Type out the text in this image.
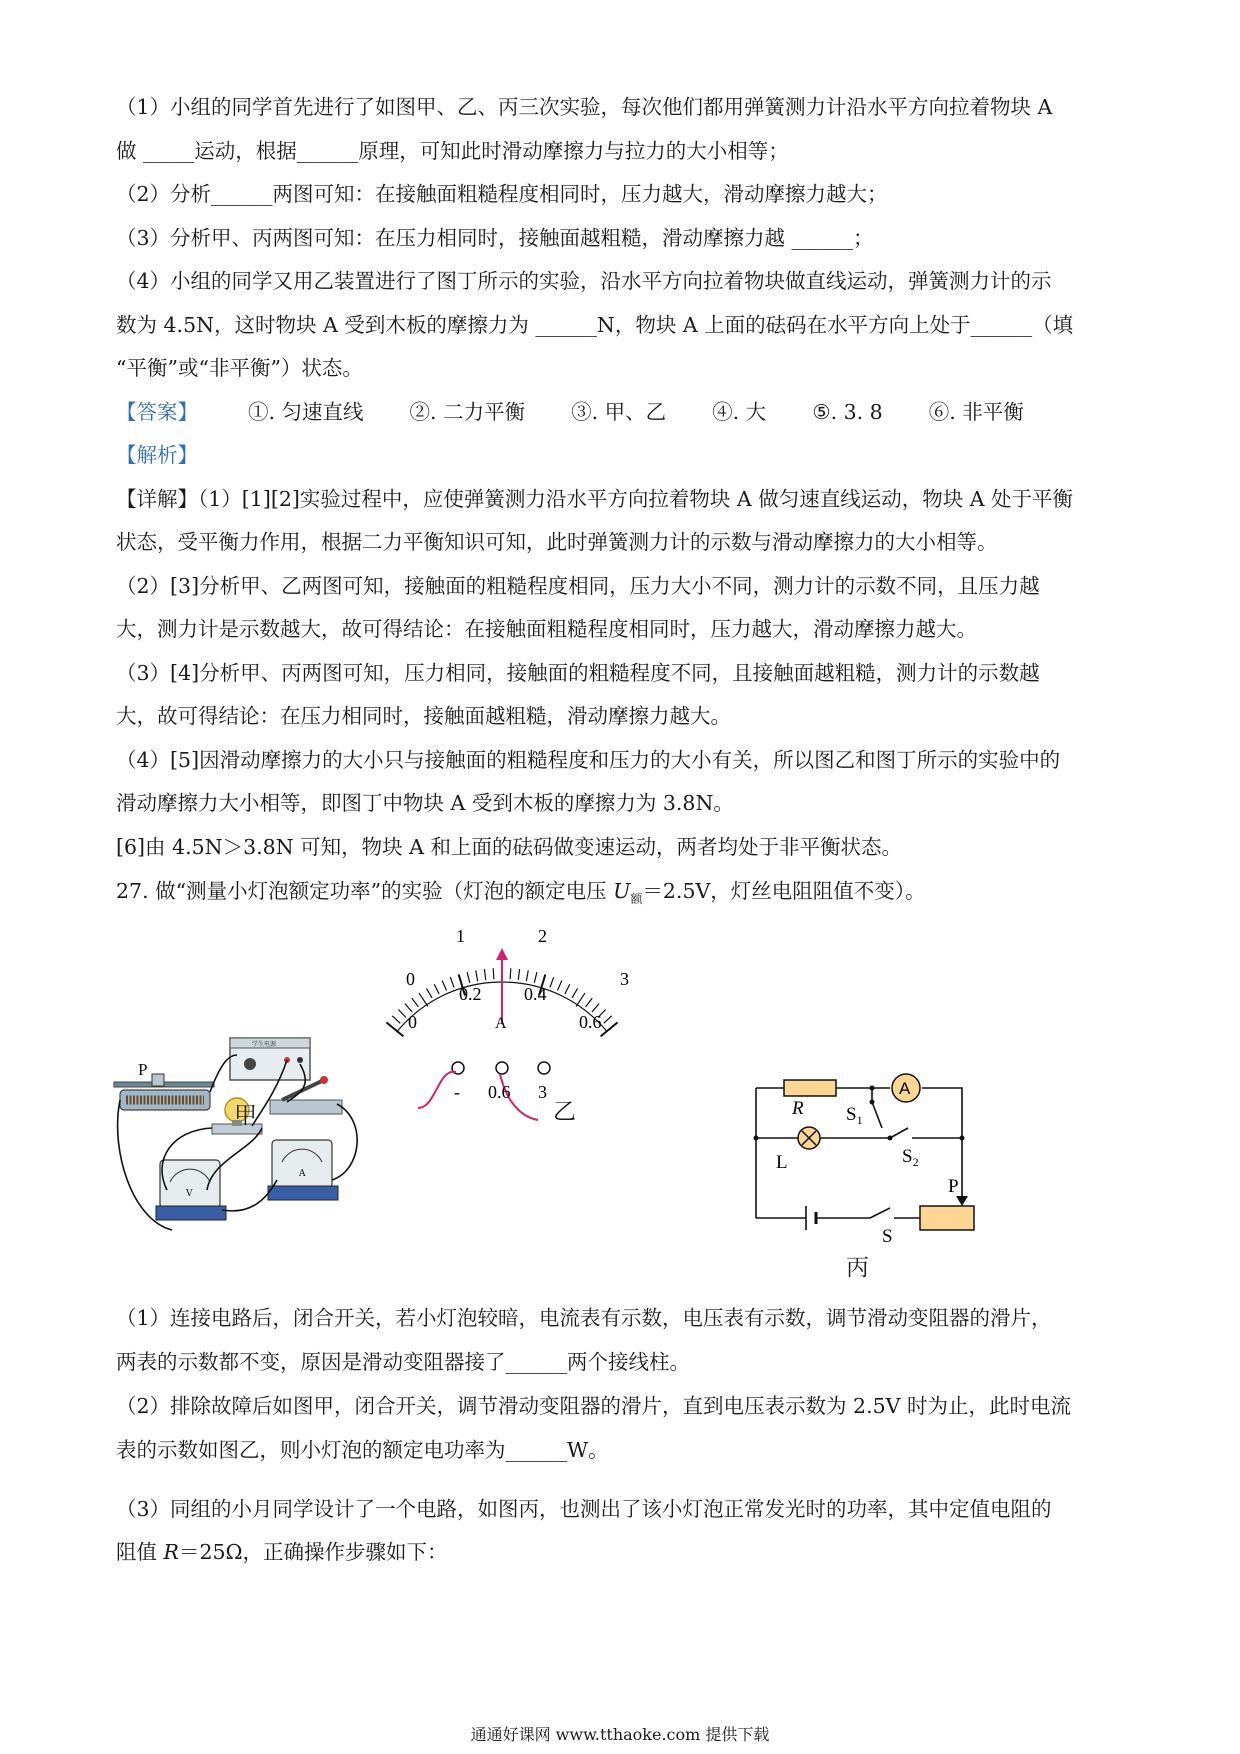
（1）小组的同学首先进行了如图甲、乙、丙三次实验，每次他们都用弹簧测力计沿水平方向拉着物块 A
做 _____运动，根据______原理，可知此时滑动摩擦力与拉力的大小相等；
（2）分析______两图可知：在接触面粗糙程度相同时，压力越大，滑动摩擦力越大；
（3）分析甲、丙两图可知：在压力相同时，接触面越粗糙，滑动摩擦力越 ______；
（4）小组的同学又用乙装置进行了图丁所示的实验，沿水平方向拉着物块做直线运动，弹簧测力计的示
数为 4.5N，这时物块 A 受到木板的摩擦力为 ______N，物块 A 上面的砝码在水平方向上处于______（填
“平衡”或“非平衡”）状态。
【答案】 ①. 匀速直线 ②. 二力平衡 ③. 甲、乙 ④. 大 ⑤. 3. 8 ⑥. 非平衡
【解析】
【详解】（1）[1][2]实验过程中，应使弹簧测力沿水平方向拉着物块 A 做匀速直线运动，物块 A 处于平衡
状态，受平衡力作用，根据二力平衡知识可知，此时弹簧测力计的示数与滑动摩擦力的大小相等。
（2）[3]分析甲、乙两图可知，接触面的粗糙程度相同，压力大小不同，测力计的示数不同，且压力越
大，测力计是示数越大，故可得结论：在接触面粗糙程度相同时，压力越大，滑动摩擦力越大。
（3）[4]分析甲、丙两图可知，压力相同，接触面的粗糙程度不同，且接触面越粗糙，测力计的示数越
大，故可得结论：在压力相同时，接触面越粗糙，滑动摩擦力越大。
（4）[5]因滑动摩擦力的大小只与接触面的粗糙程度和压力的大小有关，所以图乙和图丁所示的实验中的
滑动摩擦力大小相等，即图丁中物块 A 受到木板的摩擦力为 3.8N。
[6]由 4.5N＞3.8N 可知，物块 A 和上面的砝码做变速运动，两者均处于非平衡状态。
27. 做“测量小灯泡额定功率”的实验（灯泡的额定电压 $U_额=2.5V$，灯丝电阻阻值不变）。
学生电源
P
V
A
甲
0
1	2
3
0
0.2 0.4
0.6
A
- 0.6 3
乙
A
R $S_1$
L	$S_2$
P
S
丙
（1）连接电路后，闭合开关，若小灯泡较暗，电流表有示数，电压表有示数，调节滑动变阻器的滑片，
两表的示数都不变，原因是滑动变阻器接了______两个接线柱。
（2）排除故障后如图甲，闭合开关，调节滑动变阻器的滑片，直到电压表示数为 2.5V 时为止，此时电流
表的示数如图乙，则小灯泡的额定电功率为______W。
（3）同组的小月同学设计了一个电路，如图丙，也测出了该小灯泡正常发光时的功率，其中定值电阻的
阻值 R＝25Ω，正确操作步骤如下：
通通好课网 www.tthaoke.com 提供下载
